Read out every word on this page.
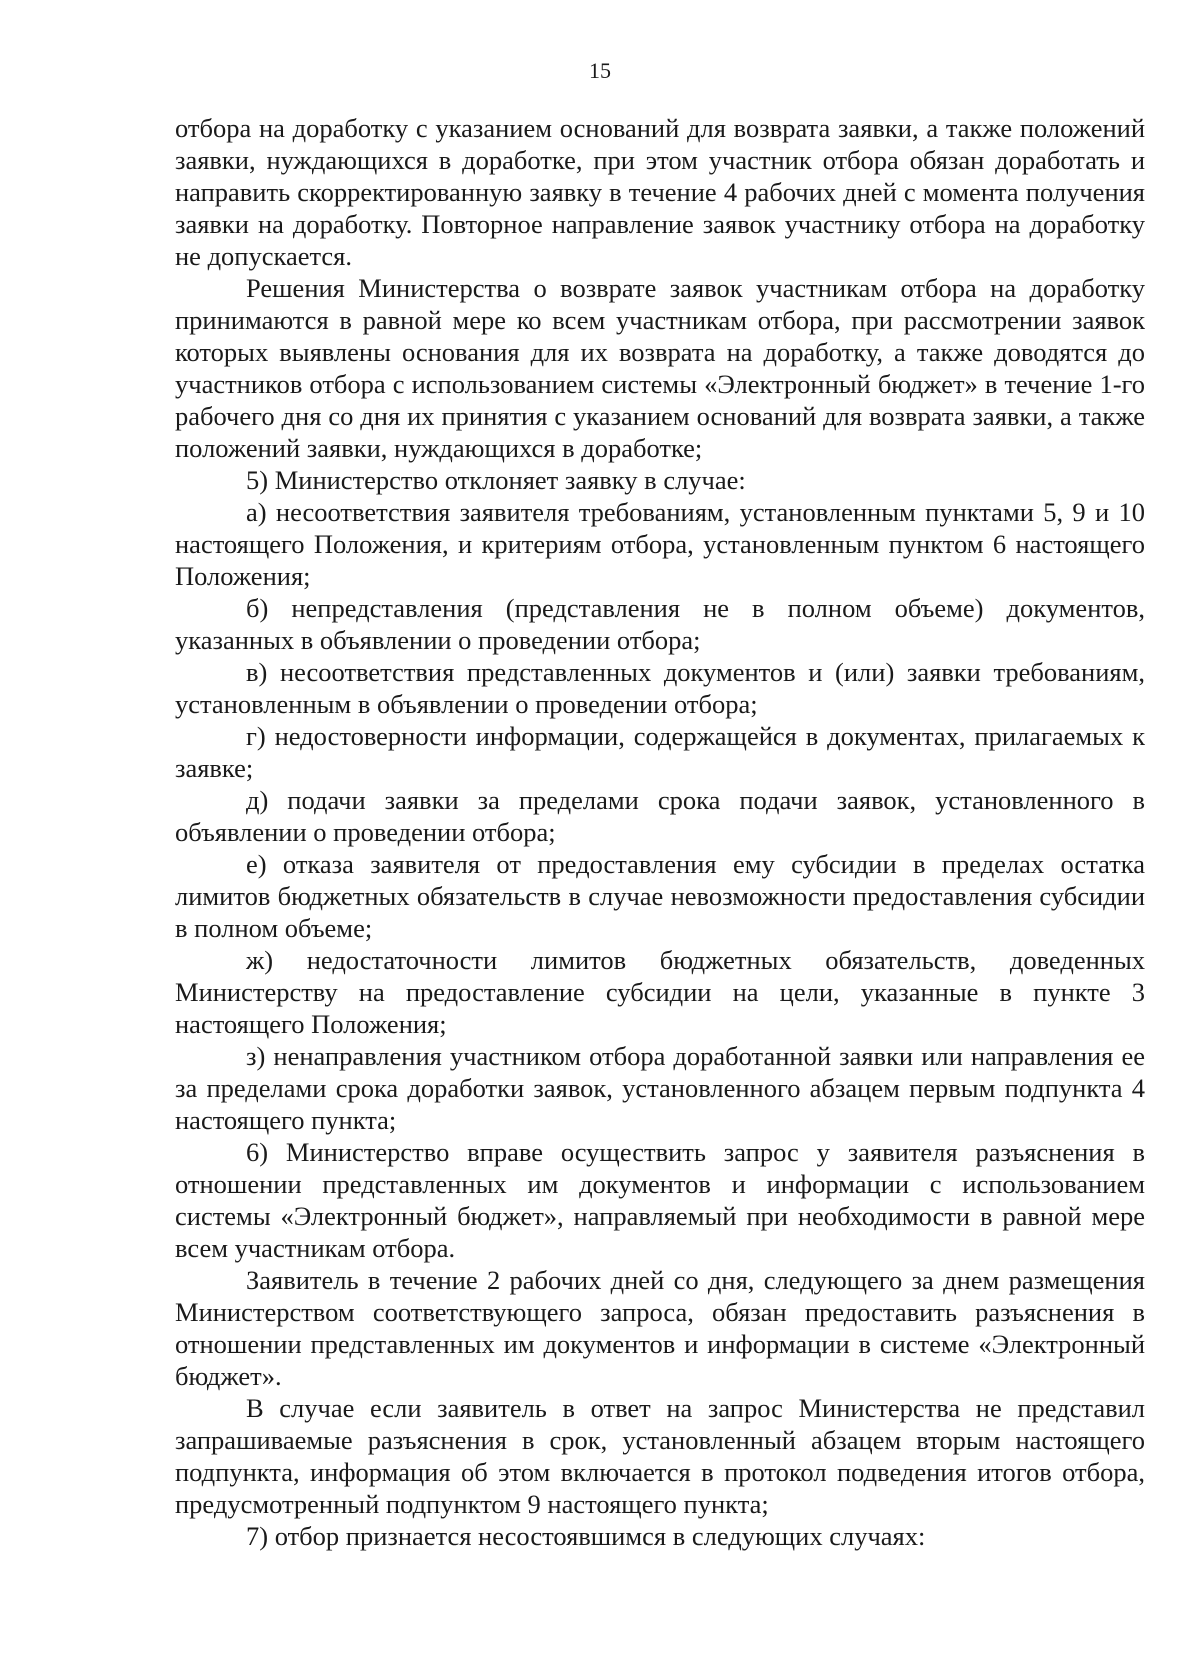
15

отбора на доработку с указанием оснований для возврата заявки, а также положений заявки, нуждающихся в доработке, при этом участник отбора обязан доработать и направить скорректированную заявку в течение 4 рабочих дней с момента получения заявки на доработку. Повторное направление заявок участнику отбора на доработку не допускается.

Решения Министерства о возврате заявок участникам отбора на доработку принимаются в равной мере ко всем участникам отбора, при рассмотрении заявок которых выявлены основания для их возврата на доработку, а также доводятся до участников отбора с использованием системы «Электронный бюджет» в течение 1-го рабочего дня со дня их принятия с указанием оснований для возврата заявки, а также положений заявки, нуждающихся в доработке;

5) Министерство отклоняет заявку в случае:

а) несоответствия заявителя требованиям, установленным пунктами 5, 9 и 10 настоящего Положения, и критериям отбора, установленным пунктом 6 настоящего Положения;

б) непредставления (представления не в полном объеме) документов, указанных в объявлении о проведении отбора;

в) несоответствия представленных документов и (или) заявки требованиям, установленным в объявлении о проведении отбора;

г) недостоверности информации, содержащейся в документах, прилагаемых к заявке;

д) подачи заявки за пределами срока подачи заявок, установленного в объявлении о проведении отбора;

е) отказа заявителя от предоставления ему субсидии в пределах остатка лимитов бюджетных обязательств в случае невозможности предоставления субсидии в полном объеме;

ж) недостаточности лимитов бюджетных обязательств, доведенных Министерству на предоставление субсидии на цели, указанные в пункте 3 настоящего Положения;

з) ненаправления участником отбора доработанной заявки или направления ее за пределами срока доработки заявок, установленного абзацем первым подпункта 4 настоящего пункта;

6) Министерство вправе осуществить запрос у заявителя разъяснения в отношении представленных им документов и информации с использованием системы «Электронный бюджет», направляемый при необходимости в равной мере всем участникам отбора.

Заявитель в течение 2 рабочих дней со дня, следующего за днем размещения Министерством соответствующего запроса, обязан предоставить разъяснения в отношении представленных им документов и информации в системе «Электронный бюджет».

В случае если заявитель в ответ на запрос Министерства не представил запрашиваемые разъяснения в срок, установленный абзацем вторым настоящего подпункта, информация об этом включается в протокол подведения итогов отбора, предусмотренный подпунктом 9 настоящего пункта;

7) отбор признается несостоявшимся в следующих случаях:
